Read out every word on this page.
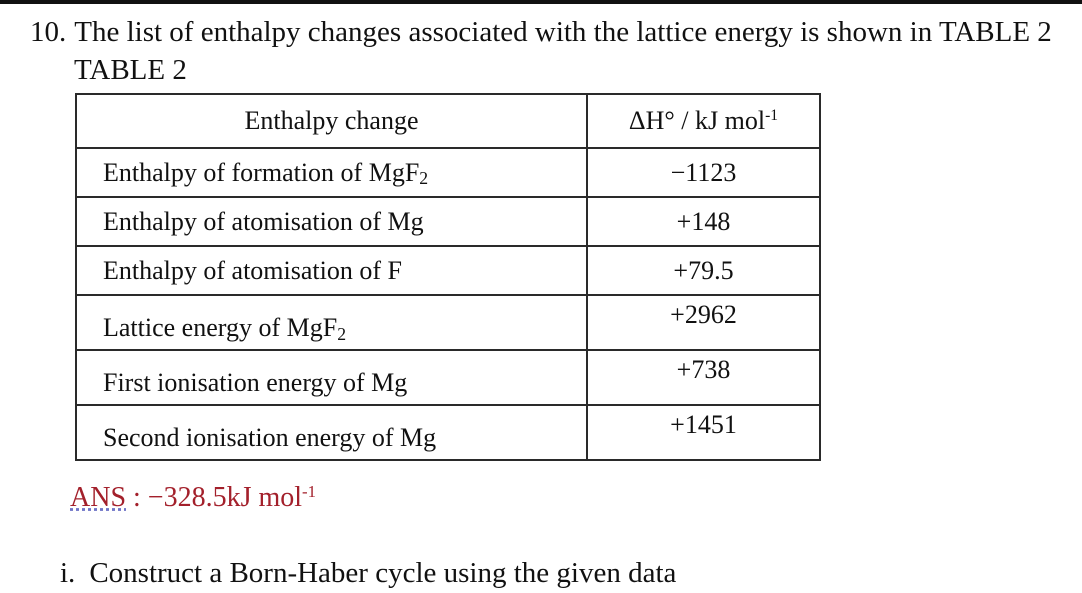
10. The list of enthalpy changes associated with the lattice energy is shown in TABLE 2
TABLE 2
Enthalpy change	ΔH° / kJ mol$^{-1}$
Enthalpy of formation of MgF2	−1123
Enthalpy of atomisation of Mg	+148
Enthalpy of atomisation of F	+79.5
Lattice energy of MgF2	+2962
First ionisation energy of Mg	+738
Second ionisation energy of Mg	+1451
ANS : −328.5kJ mol$^{-1}$
i. Construct a Born-Haber cycle using the given data
